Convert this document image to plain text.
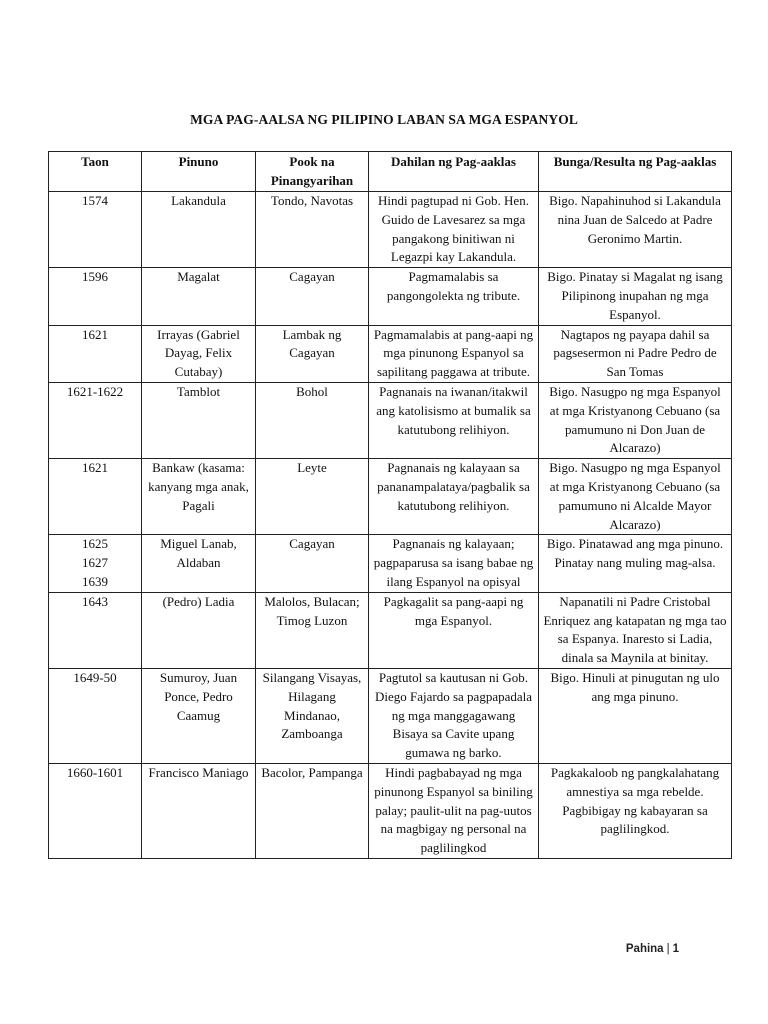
MGA PAG-AALSA NG PILIPINO LABAN SA MGA ESPANYOL
Taon	Pinuno	Pook na Pinangyarihan	Dahilan ng Pag-aaklas	Bunga/Resulta ng Pag-aaklas

1574	Lakandula	Tondo, Navotas	Hindi pagtupad ni Gob. Hen. Guido de Lavesarez sa mga pangakong binitiwan ni Legazpi kay Lakandula.	Bigo. Napahinuhod si Lakandula nina Juan de Salcedo at Padre Geronimo Martin.

1596	Magalat	Cagayan	Pagmamalabis sa pangongolekta ng tribute.	Bigo. Pinatay si Magalat ng isang Pilipinong inupahan ng mga Espanyol.

1621	Irrayas (Gabriel Dayag, Felix Cutabay)	Lambak ng Cagayan	Pagmamalabis at pang-aapi ng mga pinunong Espanyol sa sapilitang paggawa at tribute.	Nagtapos ng payapa dahil sa pagsesermon ni Padre Pedro de San Tomas

1621-1622	Tamblot	Bohol	Pagnanais na iwanan/itakwil ang katolisismo at bumalik sa katutubong relihiyon.	Bigo. Nasugpo ng mga Espanyol at mga Kristyanong Cebuano (sa pamumuno ni Don Juan de Alcarazo)

1621	Bankaw (kasama: kanyang mga anak, Pagali	Leyte	Pagnanais ng kalayaan sa pananampalataya/pagbalik sa katutubong relihiyon.	Bigo. Nasugpo ng mga Espanyol at mga Kristyanong Cebuano (sa pamumuno ni Alcalde Mayor Alcarazo)

1625
1627
1639	Miguel Lanab, Aldaban	Cagayan	Pagnanais ng kalayaan; pagpaparusa sa isang babae ng ilang Espanyol na opisyal	Bigo. Pinatawad ang mga pinuno. Pinatay nang muling mag-alsa.

1643	(Pedro) Ladia	Malolos, Bulacan; Timog Luzon	Pagkagalit sa pang-aapi ng mga Espanyol.	Napanatili ni Padre Cristobal Enriquez ang katapatan ng mga tao sa Espanya. Inaresto si Ladia, dinala sa Maynila at binitay.

1649-50	Sumuroy, Juan Ponce, Pedro Caamug	Silangang Visayas, Hilagang Mindanao, Zamboanga	Pagtutol sa kautusan ni Gob. Diego Fajardo sa pagpapadala ng mga manggagawang Bisaya sa Cavite upang gumawa ng barko.	Bigo. Hinuli at pinugutan ng ulo ang mga pinuno.

1660-1601	Francisco Maniago	Bacolor, Pampanga	Hindi pagbabayad ng mga pinunong Espanyol sa biniling palay; paulit-ulit na pag-uutos na magbigay ng personal na paglilingkod	Pagkakaloob ng pangkalahatang amnestiya sa mga rebelde. Pagbibigay ng kabayaran sa paglilingkod.
Pahina | 1
